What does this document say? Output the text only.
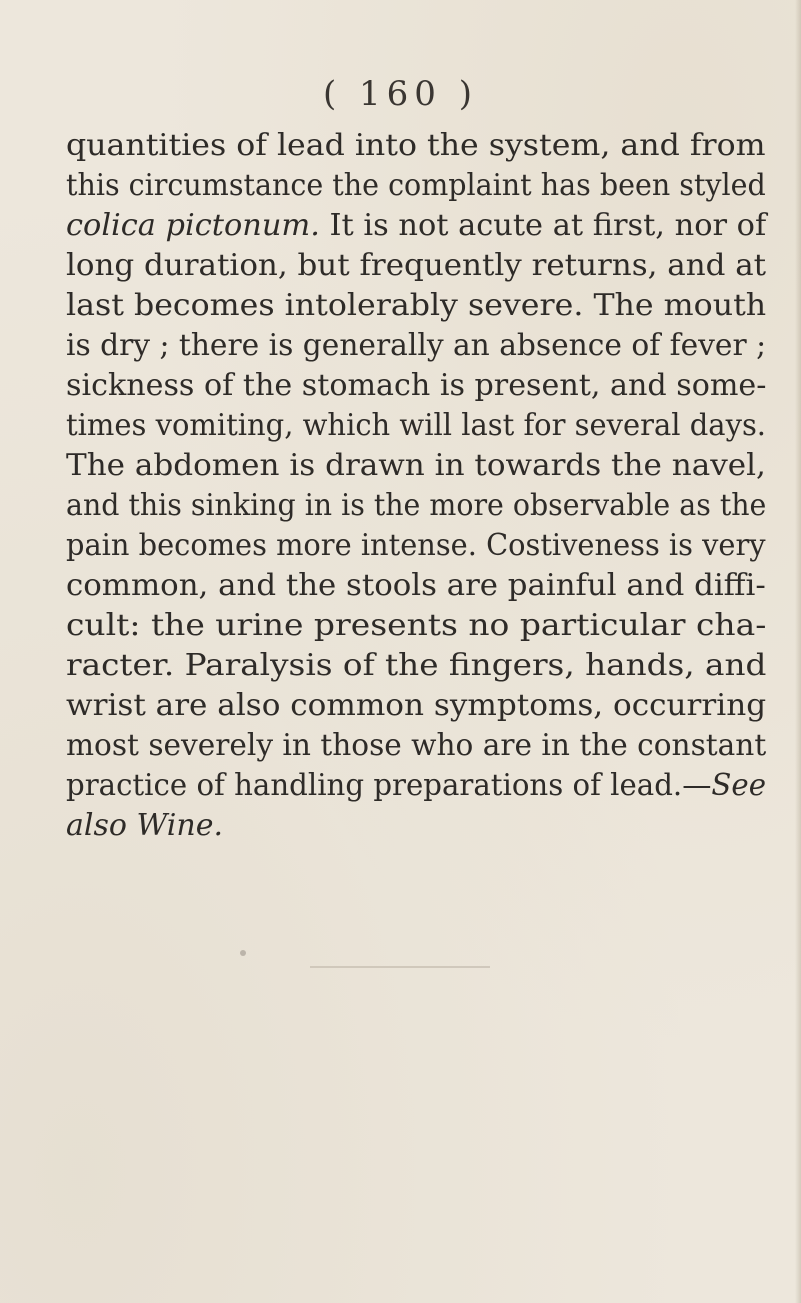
( 160 )
quantities of lead into the system, and from
this circumstance the complaint has been styled
colica pictonum. It is not acute at first, nor of
long duration, but frequently returns, and at
last becomes intolerably severe. The mouth
is dry ; there is generally an absence of fever ;
sickness of the stomach is present, and some-
times vomiting, which will last for several days.
The abdomen is drawn in towards the navel,
and this sinking in is the more observable as the
pain becomes more intense. Costiveness is very
common, and the stools are painful and diffi-
cult: the urine presents no particular cha-
racter. Paralysis of the fingers, hands, and
wrist are also common symptoms, occurring
most severely in those who are in the constant
practice of handling preparations of lead.—See
also Wine.
